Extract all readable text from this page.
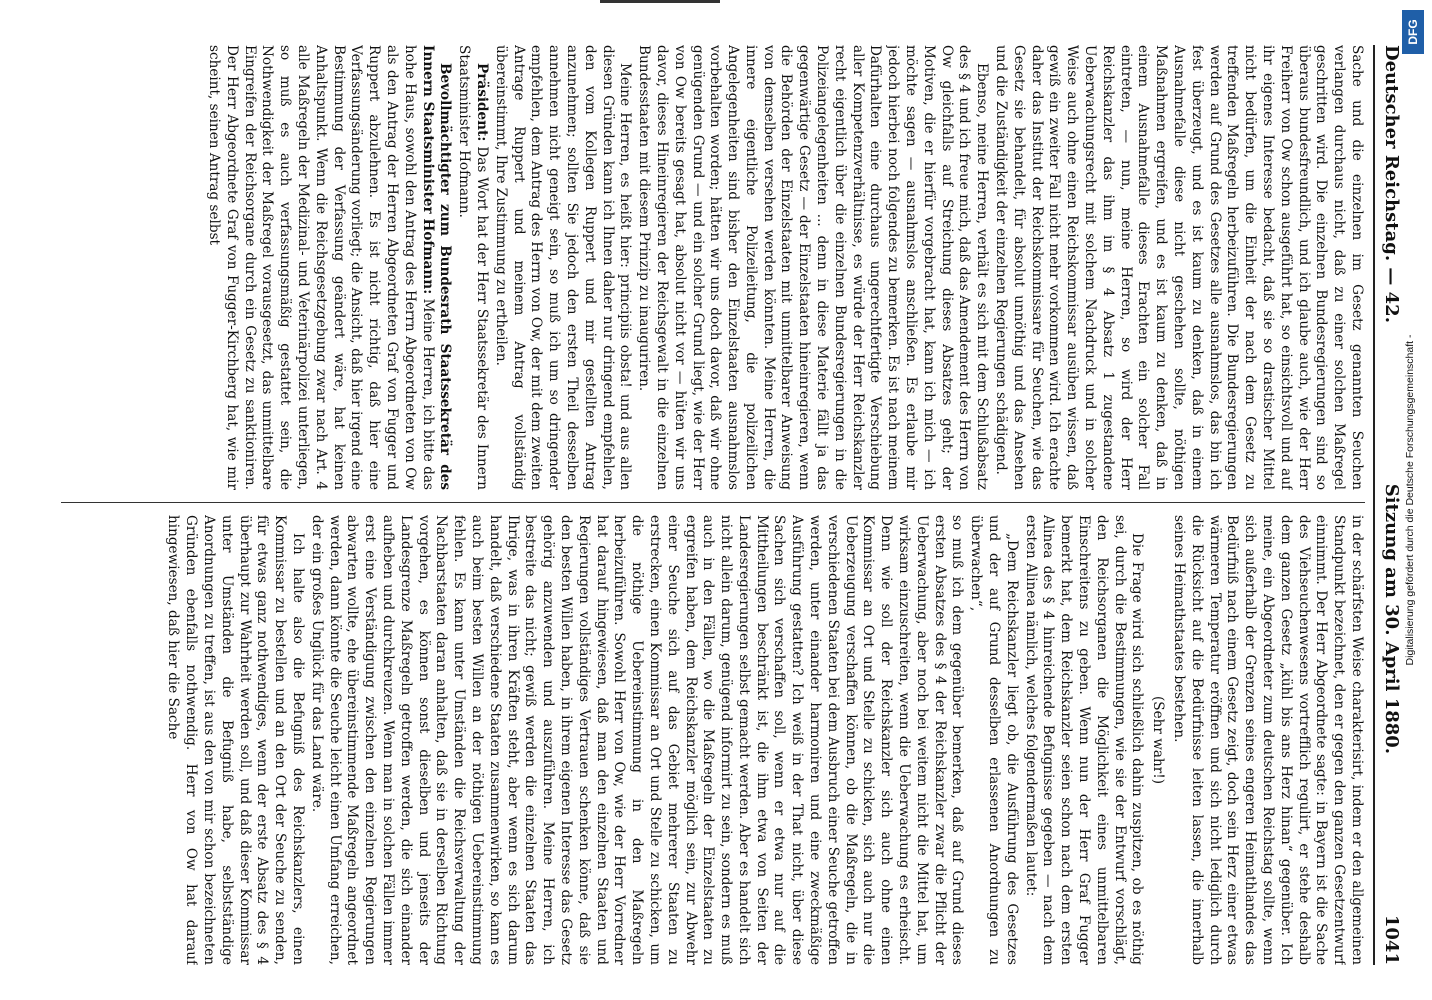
Deutscher Reichstag. — 42.
Sitzung am 30. April 1880.
1041

Sache und die einzelnen im Gesetz genannten Seuchen verlangen durchaus nicht, daß zu einer solchen Maßregel geschritten wird. Die einzelnen Bundesregierungen sind so überaus bundesfreundlich, und ich glaube auch, wie der Herr Freiherr von Ow schon ausgeführt hat, so einsichtsvoll und auf ihr eigenes Interesse bedacht, daß sie so drastischer Mittel nicht bedürfen, um die Einheit der nach dem Gesetz zu treffenden Maßregeln herbeizuführen. Die Bundesregierungen werden auf Grund des Gesetzes alle ausnahmslos, das bin ich fest überzeugt, und es ist kaum zu denken, daß in einem Ausnahmefalle diese nicht geschehen sollte, nöthigen Maßnahmen ergreifen, und es ist kaum zu denken, daß in einem Ausnahmefalle dieses Erachten ein solcher Fall eintreten, — nun, meine Herren, so wird der Herr Reichskanzler das ihm im § 4 Absatz 1 zugestandene Ueberwachungsrecht mit solchem Nachdruck und in solcher Weise auch ohne einen Reichskommissar ausüben wissen, daß gewiß ein zweiter Fall nicht mehr vorkommen wird. Ich erachte daher das Institut der Reichskommissare für Seuchen, wie das Gesetz sie behandelt, für absolut unnöthig und das Ansehen und die Zuständigkeit der einzelnen Regierungen schädigend.

Ebenso, meine Herren, verhält es sich mit dem Schlußabsatz des § 4 und ich freue mich, daß das Amendement des Herrn von Ow gleichfalls auf Streichung dieses Absatzes geht; der Motiven, die er hierfür vorgebracht hat, kann ich mich — ich möchte sagen — ausnahmslos anschließen. Es erlaube mir jedoch hierbei noch folgendes zu bemerken. Es ist nach meinem Dafürhalten eine durchaus ungerechtfertigte Verschiebung aller Kompetenzverhältnisse, es würde der Herr Reichskanzler recht eigentlich über die einzelnen Bundesregierungen in die Polizeiangelegenheiten ... denn in diese Materie fällt ja das gegenwärtige Gesetz — der Einzelstaaten hineinregieren, wenn die Behörden der Einzelstaaten mit unmittelbarer Anweisung von demselben versehen werden könnten. Meine Herren, die innere eigentliche Polizeileitung, die polizeilichen Angelegenheiten sind bisher den Einzelstaaten ausnahmslos vorbehalten worden; hätten wir uns doch davor, daß wir ohne genügenden Grund — und ein solcher Grund liegt, wie der Herr von Ow bereits gesagt hat, absolut nicht vor — hüten wir uns davor, dieses Hineinregieren der Reichsgewalt in die einzelnen Bundesstaaten mit diesem Prinzip zu inauguriren.

Meine Herren, es heißt hier: principiis obsta! und aus allen diesen Gründen kann ich Ihnen daher nur dringend empfehlen, den vom Kollegen Ruppert und mir gestellten Antrag anzunehmen; sollten Sie jedoch den ersten Theil desselben annehmen nicht geneigt sein, so muß ich um so dringender empfehlen, dem Antrag des Herrn von Ow, der mit dem zweiten Antrage Ruppert und meinem Antrag vollständig übereinstimmt, Ihre Zustimmung zu ertheilen.

Präsident: Das Wort hat der Herr Staatssekretär des Innern Staatsminister Hofmann.

Bevollmächtigter zum Bundesrath Staatssekretär des Innern Staatsminister Hofmann: Meine Herren, ich bitte das hohe Haus, sowohl den Antrag des Herrn Abgeordneten von Ow als den Antrag der Herren Abgeordneten Graf von Fugger und Ruppert abzulehnen. Es ist nicht richtig, daß hier eine Verfassungsänderung vorliegt; die Ansicht, daß hier irgend eine Bestimmung der Verfassung geändert wäre, hat keinen Anhaltspunkt. Wenn die Reichsgesetzgebung zwar nach Art. 4 alle Maßregeln der Medizinal- und Veterinärpolizei unterliegen, so muß es auch verfassungsmäßig gestattet sein, die Nothwendigkeit der Maßregel vorausgesetzt, das unmittelbare Eingreifen der Reichsorgane durch ein Gesetz zu sanktioniren. Der Herr Abgeordnete Graf von Fugger-Kirchberg hat, wie mir scheint, seinen Antrag selbst

in der schärfsten Weise charakterisirt, indem er den allgemeinen Standpunkt bezeichnet, den er gegen den ganzen Gesetzentwurf einnimmt. Der Herr Abgeordnete sagte: in Bayern ist die Sache des Viehseuchenwesens vortrefflich regulirt, er stehe deshalb dem ganzen Gesetz „kühl bis ans Herz hinan“ gegenüber. Ich meine, ein Abgeordneter zum deutschen Reichstag sollte, wenn sich außerhalb der Grenzen seines engeren Heimathlandes das Bedürfniß nach einem Gesetz zeigt, doch sein Herz einer etwas wärmeren Temperatur eröffnen und sich nicht lediglich durch die Rücksicht auf die Bedürfnisse leiten lassen, die innerhalb seines Heimathstaates bestehen.

(Sehr wahr!)

Die Frage wird sich schließlich dahin zuspitzen, ob es nöthig sei, durch die Bestimmungen, wie sie der Entwurf vorschlägt, den Reichsorganen die Möglichkeit eines unmittelbaren Einschreitens zu geben. Wenn nun der Herr Graf Fugger bemerkt hat, dem Reichskanzler seien schon nach dem ersten Alinea des § 4 hinreichende Befugnisse gegeben — nach dem ersten Alinea nämlich, welches folgendermaßen lautet:

„Dem Reichskanzler liegt ob, die Ausführung des Gesetzes und der auf Grund desselben erlassenen Anordnungen zu überwachen“,

so muß ich dem gegenüber bemerken, daß auf Grund dieses ersten Absatzes des § 4 der Reichskanzler zwar die Pflicht der Ueberwachung, aber noch bei weitem nicht die Mittel hat, um wirksam einzuschreiten, wenn die Ueberwachung es erheischt. Denn wie soll der Reichskanzler sich auch ohne einen Kommissar an Ort und Stelle zu schicken, sich auch nur die Ueberzeugung verschaffen können, ob die Maßregeln, die in verschiedenen Staaten bei dem Ausbruch einer Seuche getroffen werden, unter einander harmoniren und eine zweckmäßige Ausführung gestatten? Ich weiß in der That nicht, über diese Sachen sich verschaffen soll, wenn er etwa nur auf die Mittheilungen beschränkt ist, die ihm etwa von Seiten der Landesregierungen selbst gemacht werden. Aber es handelt sich nicht allein darum, genügend informirt zu sein, sondern es muß auch in den Fällen, wo die Maßregeln der Einzelstaaten zu ergreifen haben, dem Reichskanzler möglich sein, zur Abwehr einer Seuche sich auf das Gebiet mehrerer Staaten zu erstrecken, einen Kommissar an Ort und Stelle zu schicken, um die nöthige Uebereinstimmung in den Maßregeln herbeizuführen. Sowohl Herr von Ow, wie der Herr Vorredner hat darauf hingewiesen, daß man den einzelnen Staaten und Regierungen vollständiges Vertrauen schenken könne, daß sie den besten Willen haben, in ihrem eigenen Interesse das Gesetz gehörig anzuwenden und auszuführen. Meine Herren, ich bestreite das nicht; gewiß werden die einzelnen Staaten das Ihrige, was in ihren Kräften steht, aber wenn es sich darum handelt, daß verschiedene Staaten zusammenwirken, so kann es auch beim besten Willen an der nöthigen Uebereinstimmung fehlen. Es kann unter Umständen die Reichsverwaltung der Nachbarstaaten daran anhalten, daß sie in derselben Richtung vorgehen, es können sonst dieselben und jenseits der Landesgrenze Maßregeln getroffen werden, die sich einander aufheben und durchkreuzen. Wenn man in solchen Fällen immer erst eine Verständigung zwischen den einzelnen Regierungen abwarten wollte, ehe übereinstimmende Maßregeln angeordnet werden, dann könnte die Seuche leicht einen Umfang erreichen, der ein großes Unglück für das Land wäre.

Ich halte also die Befugniß des Reichskanzlers, einen Kommissar zu bestellen und an den Ort der Seuche zu senden, für etwas ganz nothwendiges, wenn der erste Absatz des § 4 überhaupt zur Wahrheit werden soll, und daß dieser Kommissar unter Umständen die Befugniß habe, selbstständige Anordnungen zu treffen, ist aus den von mir schon bezeichneten Gründen ebenfalls nothwendig. Herr von Ow hat darauf hingewiesen, daß hier die Sache

DFG
Digitalisierung gefördert durch die Deutsche Forschungsgemeinschaft -
